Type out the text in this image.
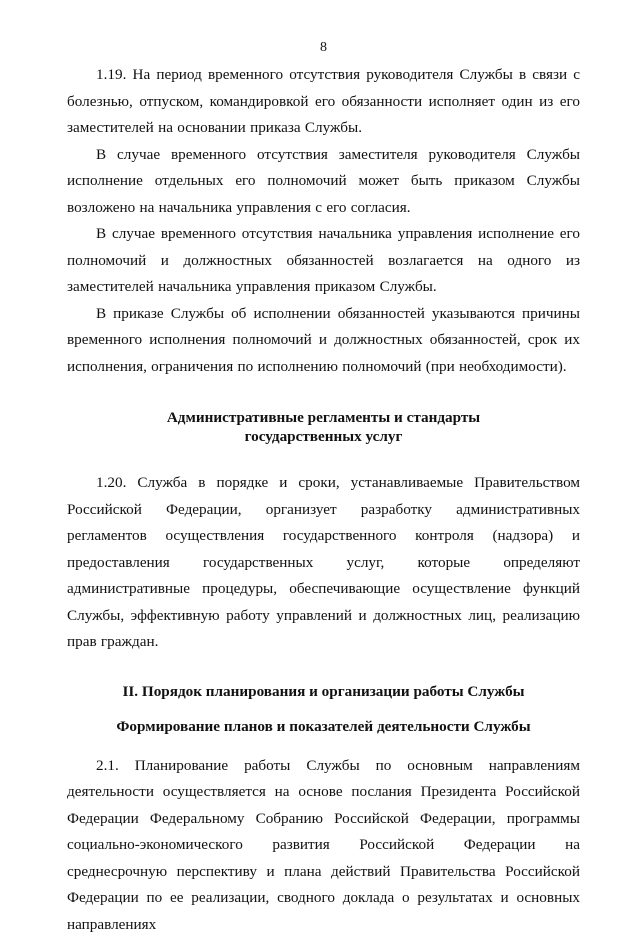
8

1.19. На период временного отсутствия руководителя Службы в связи с болезнью, отпуском, командировкой его обязанности исполняет один из его заместителей на основании приказа Службы.

В случае временного отсутствия заместителя руководителя Службы исполнение отдельных его полномочий может быть приказом Службы возложено на начальника управления с его согласия.

В случае временного отсутствия начальника управления исполнение его полномочий и должностных обязанностей возлагается на одного из заместителей начальника управления приказом Службы.

В приказе Службы об исполнении обязанностей указываются причины временного исполнения полномочий и должностных обязанностей, срок их исполнения, ограничения по исполнению полномочий (при необходимости).

Административные регламенты и стандарты
государственных услуг

1.20. Служба в порядке и сроки, устанавливаемые Правительством Российской Федерации, организует разработку административных регламентов осуществления государственного контроля (надзора) и предоставления государственных услуг, которые определяют административные процедуры, обеспечивающие осуществление функций Службы, эффективную работу управлений и должностных лиц, реализацию прав граждан.

II. Порядок планирования и организации работы Службы
Формирование планов и показателей деятельности Службы

2.1. Планирование работы Службы по основным направлениям деятельности осуществляется на основе послания Президента Российской Федерации Федеральному Собранию Российской Федерации, программы социально-экономического развития Российской Федерации на среднесрочную перспективу и плана действий Правительства Российской Федерации по ее реализации, сводного доклада о результатах и основных направлениях
